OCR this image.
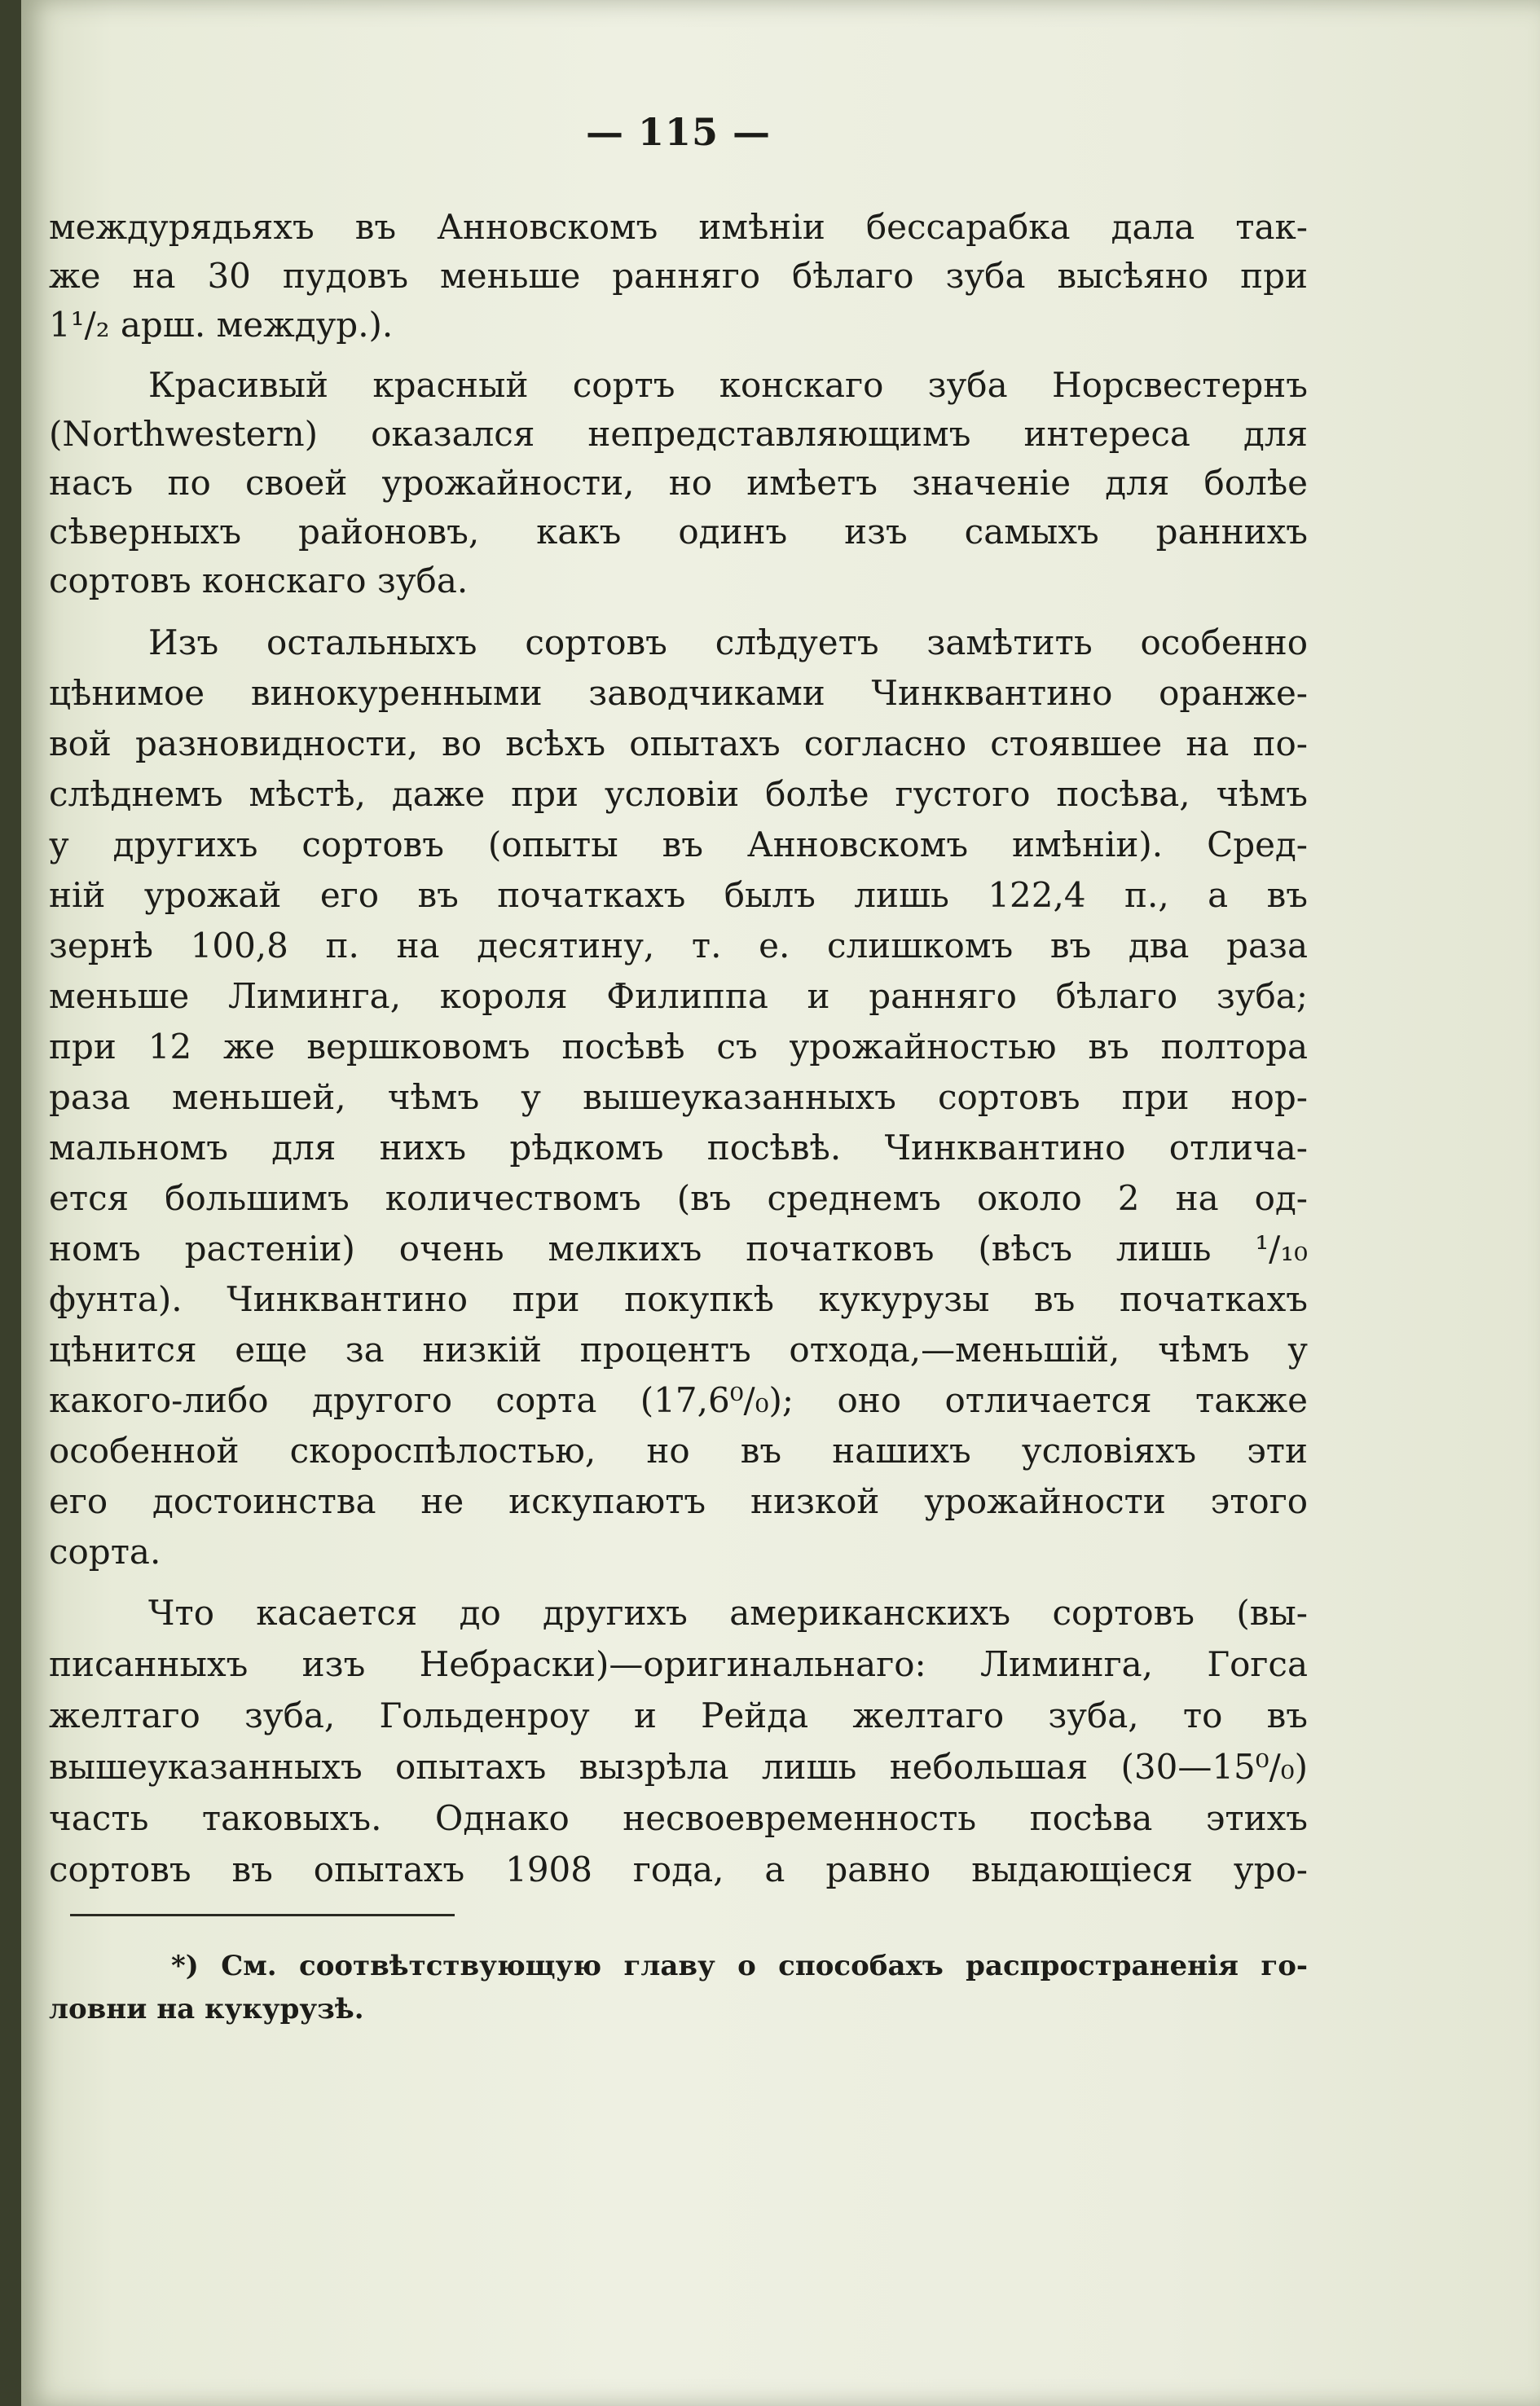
— 115 —
междурядьяхъ въ Анновскомъ имѣніи бессарабка дала так-
же на 30 пудовъ меньше ранняго бѣлаго зуба высѣяно при
1¹/₂ арш. междур.).
Красивый красный сортъ конскаго зуба Норсвестернъ
(Northwestern) оказался непредставляющимъ интереса для
насъ по своей урожайности, но имѣетъ значеніе для болѣе
сѣверныхъ районовъ, какъ одинъ изъ самыхъ раннихъ
сортовъ конскаго зуба.
Изъ остальныхъ сортовъ слѣдуетъ замѣтить особенно
цѣнимое винокуренными заводчиками Чинквантино оранже-
вой разновидности, во всѣхъ опытахъ согласно стоявшее на по-
слѣднемъ мѣстѣ, даже при условіи болѣе густого посѣва, чѣмъ
у другихъ сортовъ (опыты въ Анновскомъ имѣніи). Сред-
ній урожай его въ початкахъ былъ лишь 122,4 п., а въ
зернѣ 100,8 п. на десятину, т. е. слишкомъ въ два раза
меньше Лиминга, короля Филиппа и ранняго бѣлаго зуба;
при 12 же вершковомъ посѣвѣ съ урожайностью въ полтора
раза меньшей, чѣмъ у вышеуказанныхъ сортовъ при нор-
мальномъ для нихъ рѣдкомъ посѣвѣ. Чинквантино отлича-
ется большимъ количествомъ (въ среднемъ около 2 на од-
номъ растеніи) очень мелкихъ початковъ (вѣсъ лишь ¹/₁₀
фунта). Чинквантино при покупкѣ кукурузы въ початкахъ
цѣнится еще за низкій процентъ отхода,—меньшій, чѣмъ у
какого-либо другого сорта (17,6⁰/₀); оно отличается также
особенной скороспѣлостью, но въ нашихъ условіяхъ эти
его достоинства не искупаютъ низкой урожайности этого
сорта.
Что касается до другихъ американскихъ сортовъ (вы-
писанныхъ изъ Небраски)—оригинальнаго: Лиминга, Гогса
желтаго зуба, Гольденроу и Рейда желтаго зуба, то въ
вышеуказанныхъ опытахъ вызрѣла лишь небольшая (30—15⁰/₀)
часть таковыхъ. Однако несвоевременность посѣва этихъ
сортовъ въ опытахъ 1908 года, а равно выдающіеся уро-
*) См. соотвѣтствующую главу о способахъ распространенія го-
ловни на кукурузѣ.
